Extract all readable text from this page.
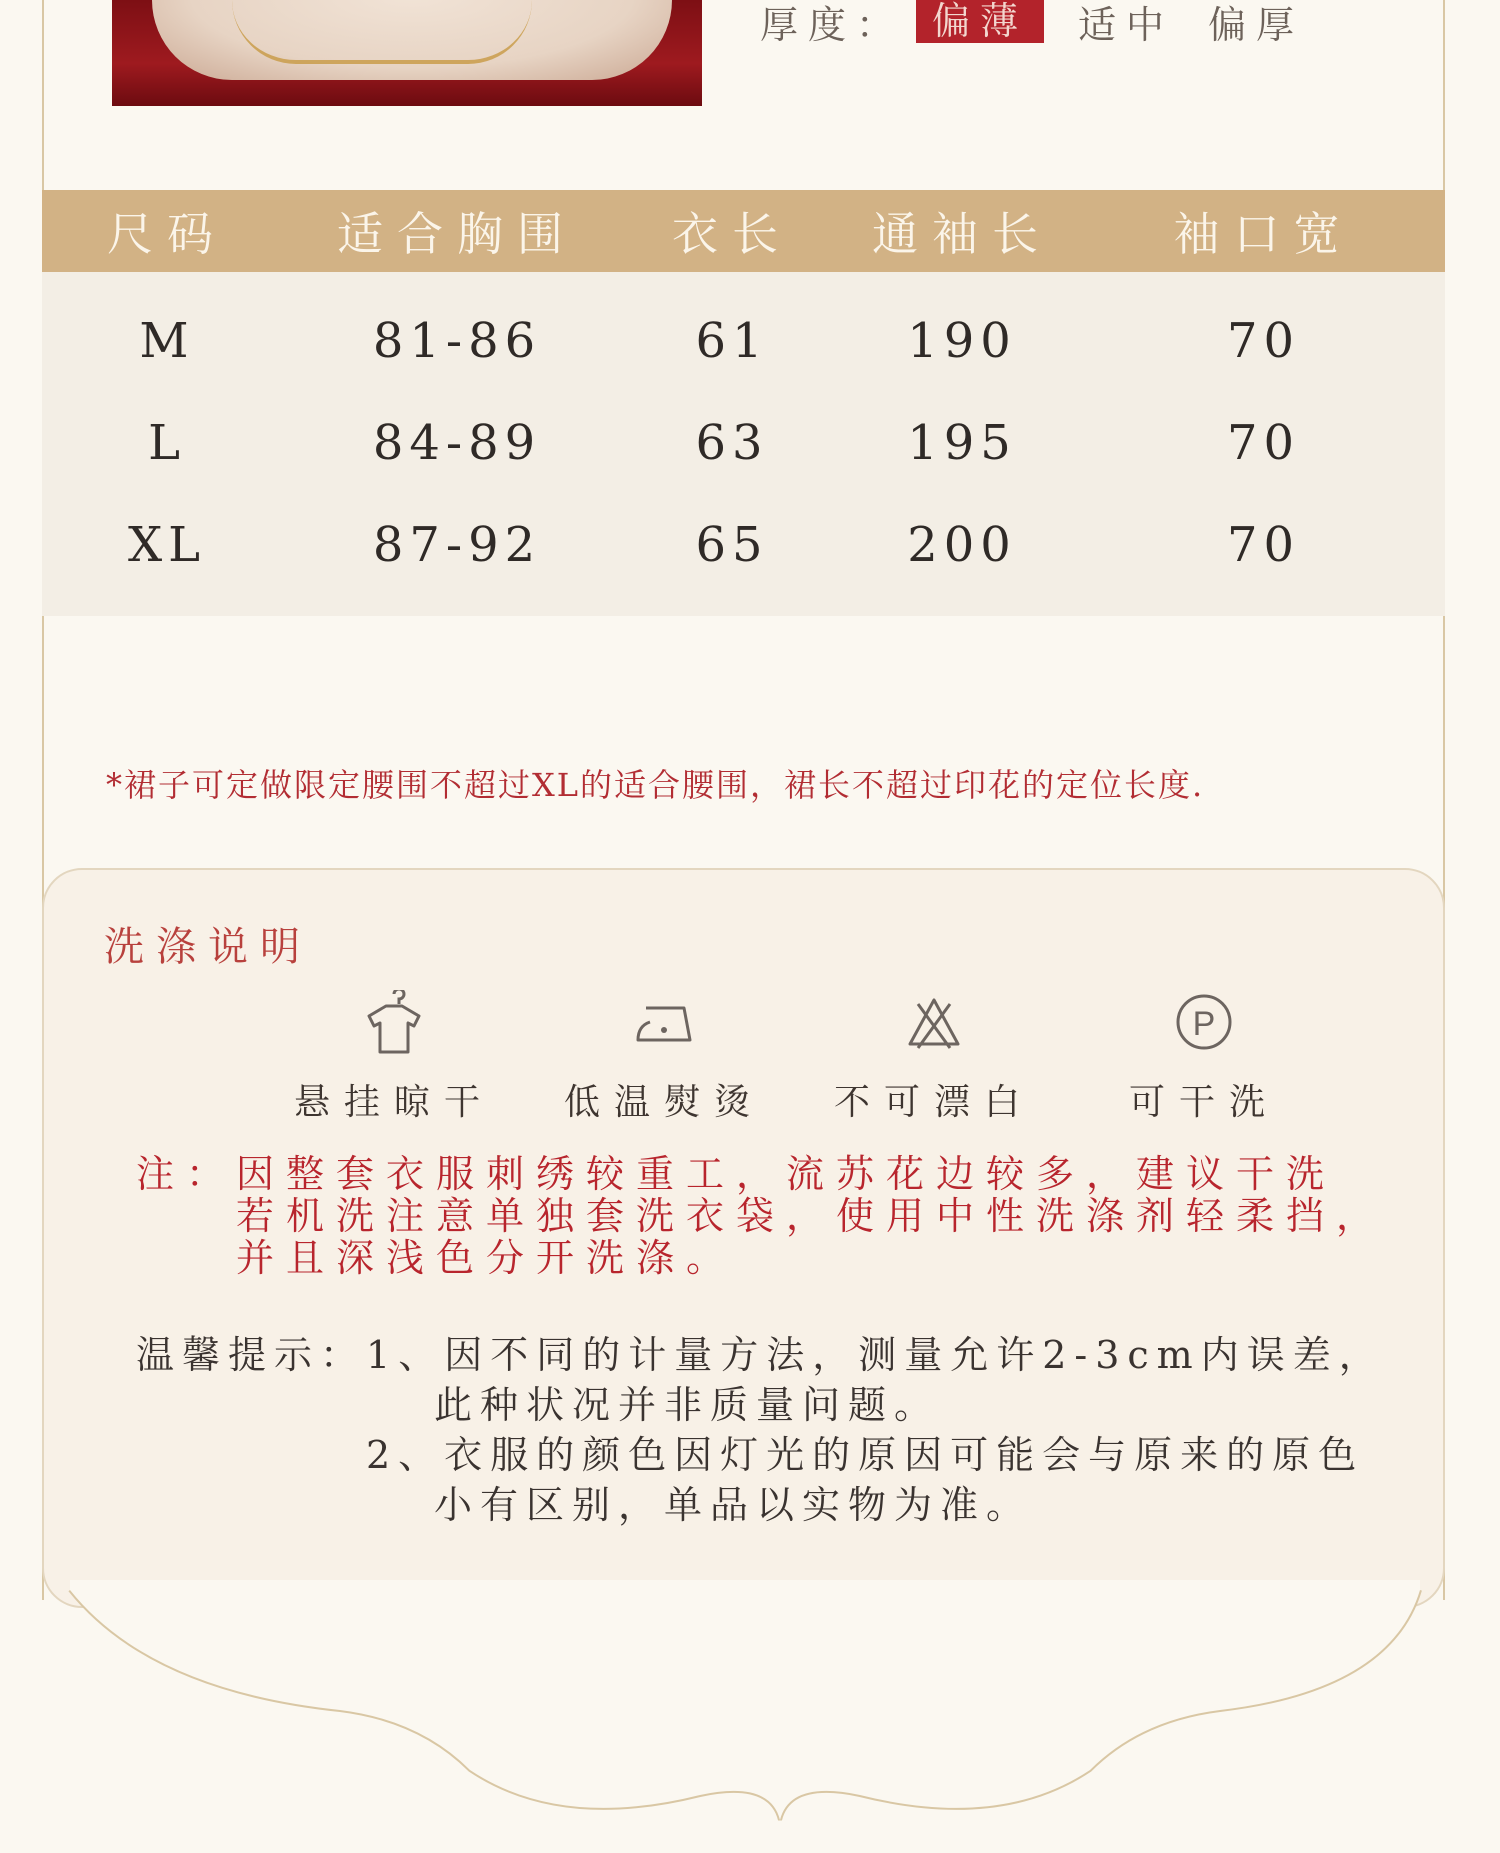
厚度： 偏薄	适中 偏厚
尺码	适合胸围	衣长	通袖长	袖口宽
M	81-86	61	190	70
L	84-89	63	195	70
XL	87-92	65	200	70
*裙子可定做限定腰围不超过XL的适合腰围，裙长不超过印花的定位长度.
洗涤说明
悬挂晾干	低温熨烫	不可漂白
P
可干洗
注：因整套衣服刺绣较重工，流苏花边较多，建议干洗
若机洗注意单独套洗衣袋，使用中性洗涤剂轻柔挡，
并且深浅色分开洗涤。
温馨提示：1、因不同的计量方法，测量允许2-3cm内误差，
此种状况并非质量问题。
2、衣服的颜色因灯光的原因可能会与原来的原色
小有区别，单品以实物为准。
